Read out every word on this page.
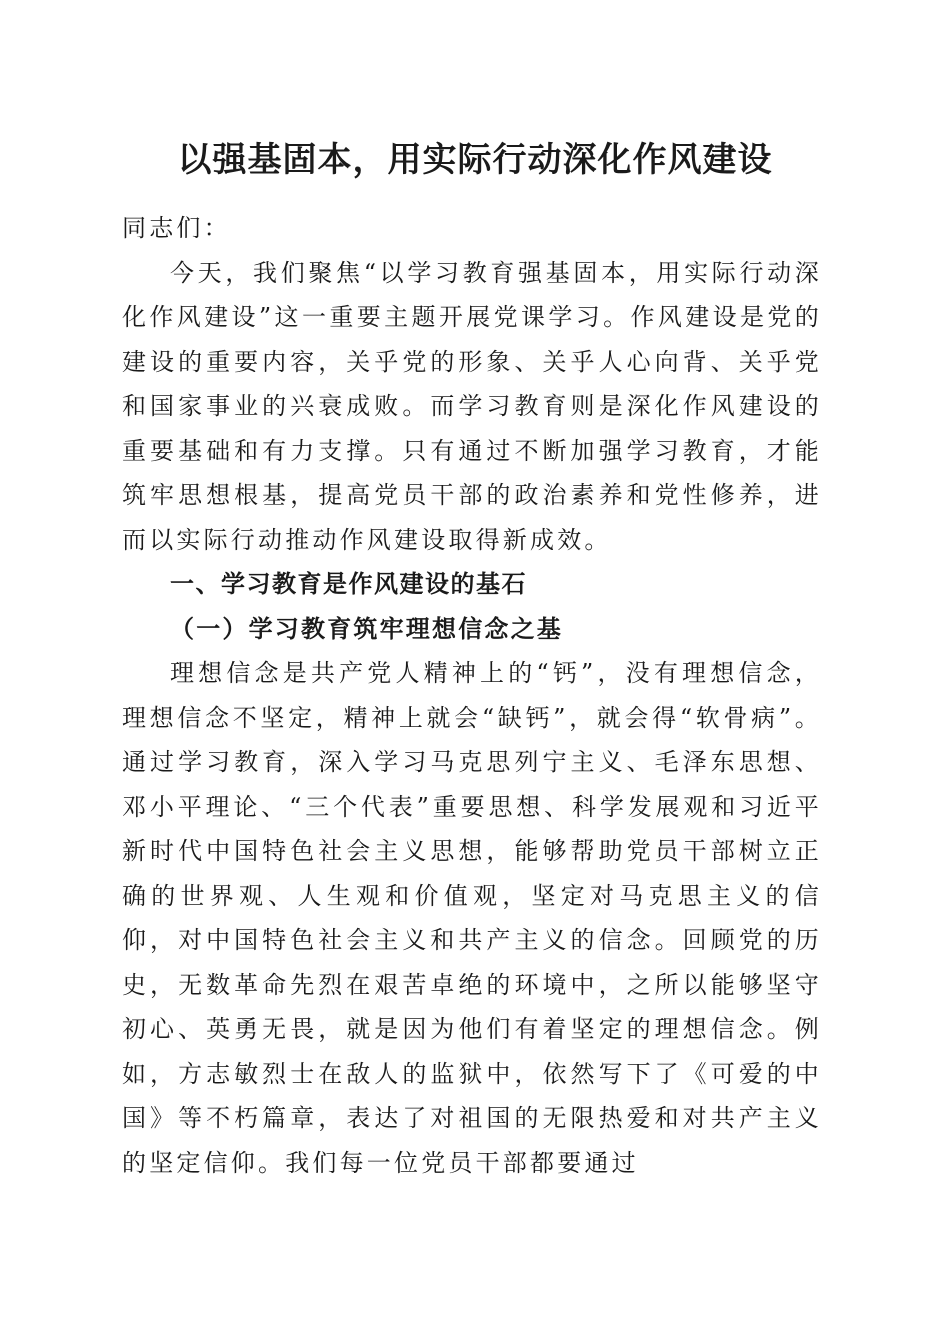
以强基固本，用实际行动深化作风建设

同志们：

今天，我们聚焦“以学习教育强基固本，用实际行动深化作风建设”这一重要主题开展党课学习。作风建设是党的建设的重要内容，关乎党的形象、关乎人心向背、关乎党和国家事业的兴衰成败。而学习教育则是深化作风建设的重要基础和有力支撑。只有通过不断加强学习教育，才能筑牢思想根基，提高党员干部的政治素养和党性修养，进而以实际行动推动作风建设取得新成效。

一、学习教育是作风建设的基石

（一）学习教育筑牢理想信念之基

理想信念是共产党人精神上的“钙”，没有理想信念，理想信念不坚定，精神上就会“缺钙”，就会得“软骨病”。通过学习教育，深入学习马克思列宁主义、毛泽东思想、邓小平理论、“三个代表”重要思想、科学发展观和习近平新时代中国特色社会主义思想，能够帮助党员干部树立正确的世界观、人生观和价值观，坚定对马克思主义的信仰，对中国特色社会主义和共产主义的信念。回顾党的历史，无数革命先烈在艰苦卓绝的环境中，之所以能够坚守初心、英勇无畏，就是因为他们有着坚定的理想信念。例如，方志敏烈士在敌人的监狱中，依然写下了《可爱的中国》等不朽篇章，表达了对祖国的无限热爱和对共产主义的坚定信仰。我们每一位党员干部都要通过
